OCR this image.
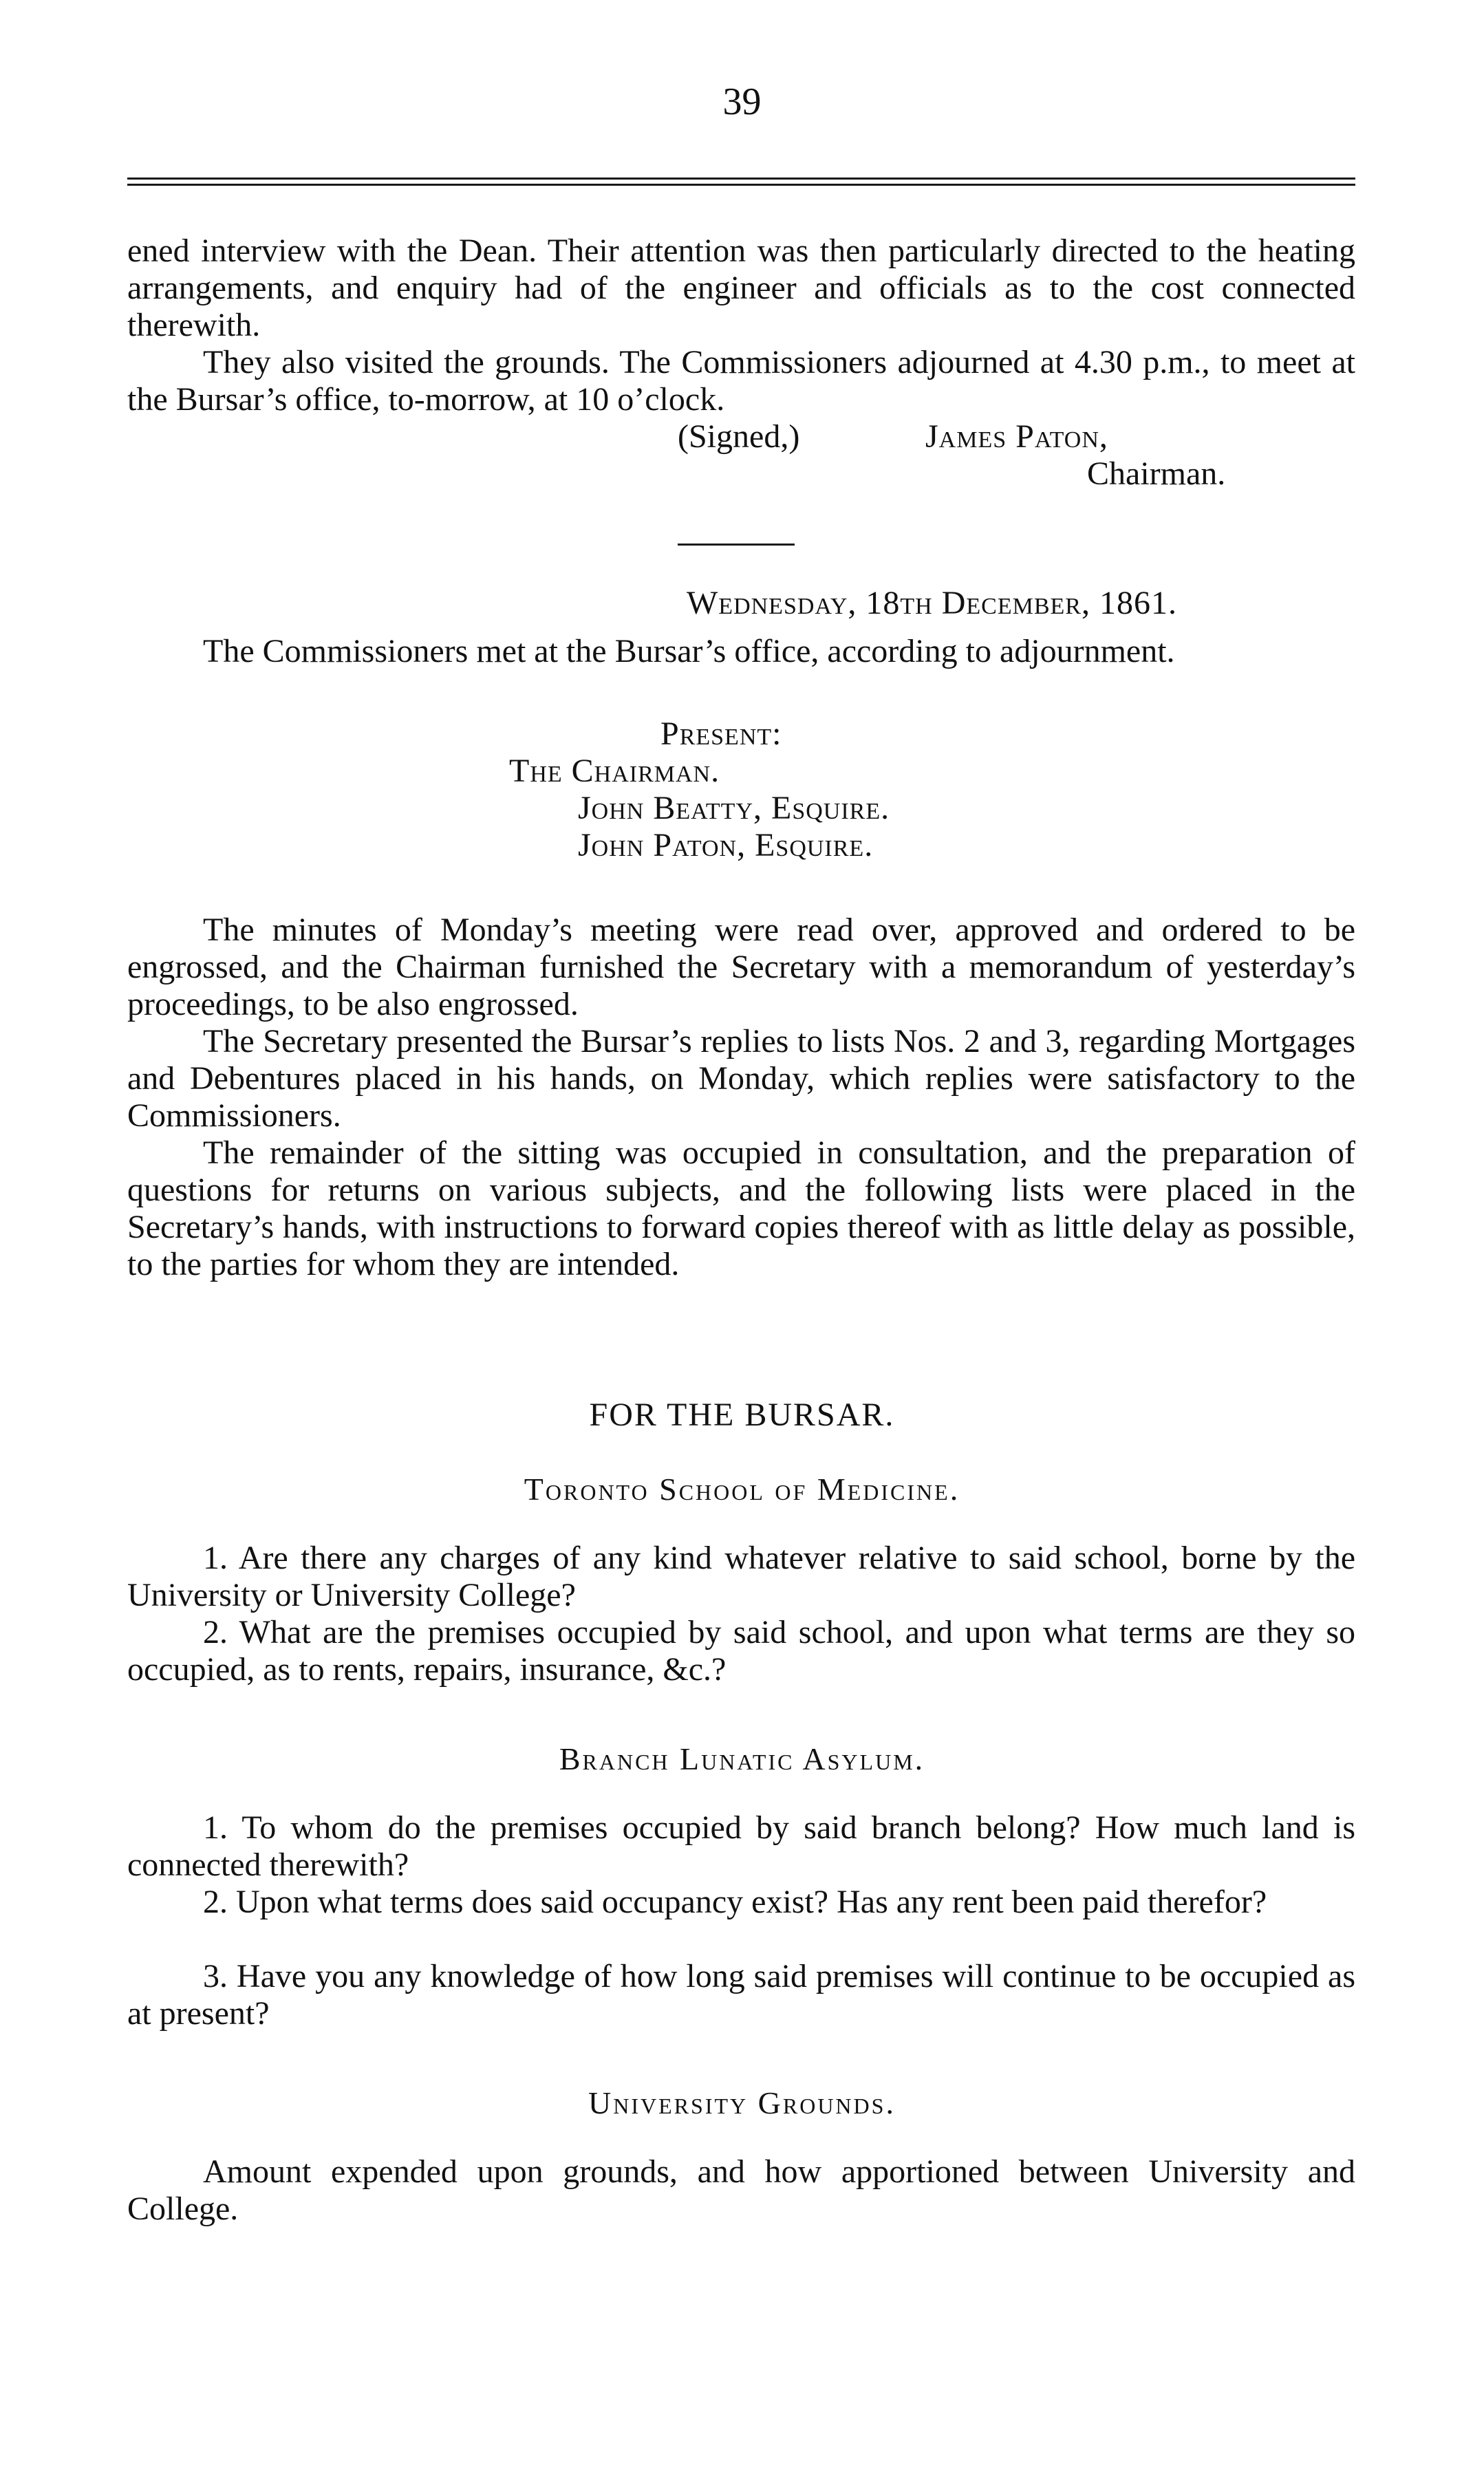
39
ened interview with the Dean. Their attention was then particularly directed to the heating arrangements, and enquiry had of the engineer and officials as to the cost connected therewith.
They also visited the grounds. The Commissioners adjourned at 4.30 p.m., to meet at the Bursar’s office, to-morrow, at 10 o’clock.
(Signed,)	James Paton,
Chairman.
Wednesday, 18th December, 1861.
The Commissioners met at the Bursar’s office, according to adjournment.
Present:
The Chairman.
John Beatty, Esquire.
John Paton, Esquire.
The minutes of Monday’s meeting were read over, approved and ordered to be engrossed, and the Chairman furnished the Secretary with a memorandum of yesterday’s proceedings, to be also engrossed.
The Secretary presented the Bursar’s replies to lists Nos. 2 and 3, regarding Mortgages and Debentures placed in his hands, on Monday, which replies were satisfactory to the Commissioners.
The remainder of the sitting was occupied in consultation, and the preparation of questions for returns on various subjects, and the following lists were placed in the Secretary’s hands, with instructions to forward copies thereof with as little delay as possible, to the parties for whom they are intended.
FOR THE BURSAR.
Toronto School of Medicine.
1. Are there any charges of any kind whatever relative to said school, borne by the University or University College?
2. What are the premises occupied by said school, and upon what terms are they so occupied, as to rents, repairs, insurance, &c.?
Branch Lunatic Asylum.
1. To whom do the premises occupied by said branch belong? How much land is connected therewith?
2. Upon what terms does said occupancy exist? Has any rent been paid therefor?
3. Have you any knowledge of how long said premises will continue to be occupied as at present?
University Grounds.
Amount expended upon grounds, and how apportioned between University and College.
